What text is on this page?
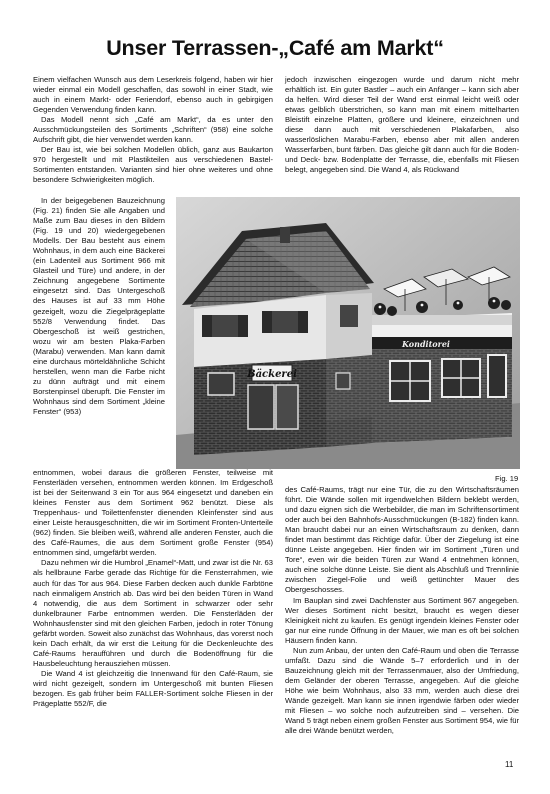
Unser Terrassen-„Café am Markt“

Einem vielfachen Wunsch aus dem Leserkreis folgend, haben wir hier wieder einmal ein Modell geschaffen, das sowohl in einer Stadt, wie auch in einem Markt- oder Feriendorf, ebenso auch in gebirgigen Gegenden Verwendung finden kann.

Das Modell nennt sich „Café am Markt“, da es unter den Ausschmückungsteilen des Sortiments „Schriften“ (958) eine solche Aufschrift gibt, die hier verwendet werden kann.

Der Bau ist, wie bei solchen Modellen üblich, ganz aus Baukarton 970 hergestellt und mit Plastikteilen aus verschiedenen Bastel-Sortimenten entstanden. Varianten sind hier ohne weiteres und ohne besondere Schwierigkeiten möglich.

In der beigegebenen Bauzeichnung (Fig. 21) finden Sie alle Angaben und Maße zum Bau dieses in den Bildern (Fig. 19 und 20) wiedergegebenen Modells. Der Bau besteht aus einem Wohnhaus, in dem auch eine Bäckerei (ein Ladenteil aus Sortiment 966 mit Glasteil und Türe) und andere, in der Zeichnung angegebene Sortimente eingesetzt sind. Das Untergeschoß des Hauses ist auf 33 mm Höhe gezeigelt, wozu die Ziegelprägeplatte 552/8 Verwendung findet. Das Obergeschoß ist weiß gestrichen, wozu wir am besten Plaka-Farben (Marabu) verwenden. Man kann damit eine durchaus mörteldähnliche Schicht herstellen, wenn man die Farbe nicht zu dünn aufträgt und mit einem Borstenpinsel überupft. Die Fenster im Wohnhaus sind dem Sortiment „kleine Fenster“ (953)

Bäckerei
Konditorei
Fig. 19

entnommen, wobei daraus die größeren Fenster, teilweise mit Fensterläden versehen, entnommen werden können. Im Erdgeschoß ist bei der Seitenwand 3 ein Tor aus 964 eingesetzt und daneben ein kleines Fenster aus dem Sortiment 962 benützt. Diese als Treppenhaus- und Toilettenfenster dienenden Kleinfenster sind aus einer Leiste herausgeschnitten, die wir im Sortiment Fronten-Unterteile (962) finden. Sie bleiben weiß, während alle anderen Fenster, auch die des Café-Raumes, die aus dem Sortiment große Fenster (954) entnommen sind, umgefärbt werden.

Dazu nehmen wir die Humbrol „Enamel“-Matt, und zwar ist die Nr. 63 als hellbraune Farbe gerade das Richtige für die Fensterrahmen, wie auch für das Tor aus 964. Diese Farben decken auch dunkle Farbtöne nach einmaligem Anstrich ab. Das wird bei den beiden Türen in Wand 4 notwendig, die aus dem Sortiment in schwarzer oder sehr dunkelbrauner Farbe entnommen werden. Die Fensterläden der Wohnhausfenster sind mit den gleichen Farben, jedoch in roter Tönung gefärbt worden. Soweit also zunächst das Wohnhaus, das vorerst noch kein Dach erhält, da wir erst die Leitung für die Deckenleuchte des Café-Raums heraufführen und durch die Bodenöffnung für die Hausbeleuchtung herausziehen müssen.

Die Wand 4 ist gleichzeitig die Innenwand für den Café-Raum, sie wird nicht gezeigelt, sondern im Untergeschoß mit bunten Fliesen bezogen. Es gab früher beim FALLER-Sortiment solche Fliesen in der Prägeplatte 552/F, die

jedoch inzwischen eingezogen wurde und darum nicht mehr erhältlich ist. Ein guter Bastler – auch ein Anfänger – kann sich aber da helfen. Wird dieser Teil der Wand erst einmal leicht weiß oder etwas gelblich überstrichen, so kann man mit einem mittelharten Bleistift einzelne Platten, größere und kleinere, einzeichnen und diese dann auch mit verschiedenen Plakafarben, also wasserlöslichen Marabu-Farben, ebenso aber mit allen anderen Wasserfarben, bunt färben. Das gleiche gilt dann auch für die Boden- und Deck- bzw. Bodenplatte der Terrasse, die, ebenfalls mit Fliesen belegt, angegeben sind. Die Wand 4, als Rückwand

des Café-Raums, trägt nur eine Tür, die zu den Wirtschaftsräumen führt. Die Wände sollen mit irgendwelchen Bildern beklebt werden, und dazu eignen sich die Werbebilder, die man im Schriftensortiment oder auch bei den Bahnhofs-Ausschmückungen (B-182) finden kann. Man braucht dabei nur an einen Wirtschaftsraum zu denken, dann findet man bestimmt das Richtige dafür. Über der Ziegelung ist eine dünne Leiste angegeben. Hier finden wir im Sortiment „Türen und Tore“, even wir die beiden Türen zur Wand 4 entnehmen können, auch eine solche dünne Leiste. Sie dient als Abschluß und Trennlinie zwischen Ziegel-Folie und weiß getünchter Mauer des Obergeschosses.

Im Bauplan sind zwei Dachfenster aus Sortiment 967 angegeben. Wer dieses Sortiment nicht besitzt, braucht es wegen dieser Kleinigkeit nicht zu kaufen. Es genügt irgendein kleines Fenster oder gar nur eine runde Öffnung in der Mauer, wie man es oft bei solchen Häusern finden kann.

Nun zum Anbau, der unten den Café-Raum und oben die Terrasse umfaßt. Dazu sind die Wände 5–7 erforderlich und in der Bauzeichnung gleich mit der Terrassenmauer, also der Umfriedung, dem Geländer der oberen Terrasse, angegeben. Auf die gleiche Höhe wie beim Wohnhaus, also 33 mm, werden auch diese drei Wände gezeigelt. Man kann sie innen irgendwie färben oder wieder mit Fliesen – wo solche noch aufzutreiben sind – versehen. Die Wand 5 trägt neben einem großen Fenster aus Sortiment 954, wie für alle drei Wände benützt werden,

11
